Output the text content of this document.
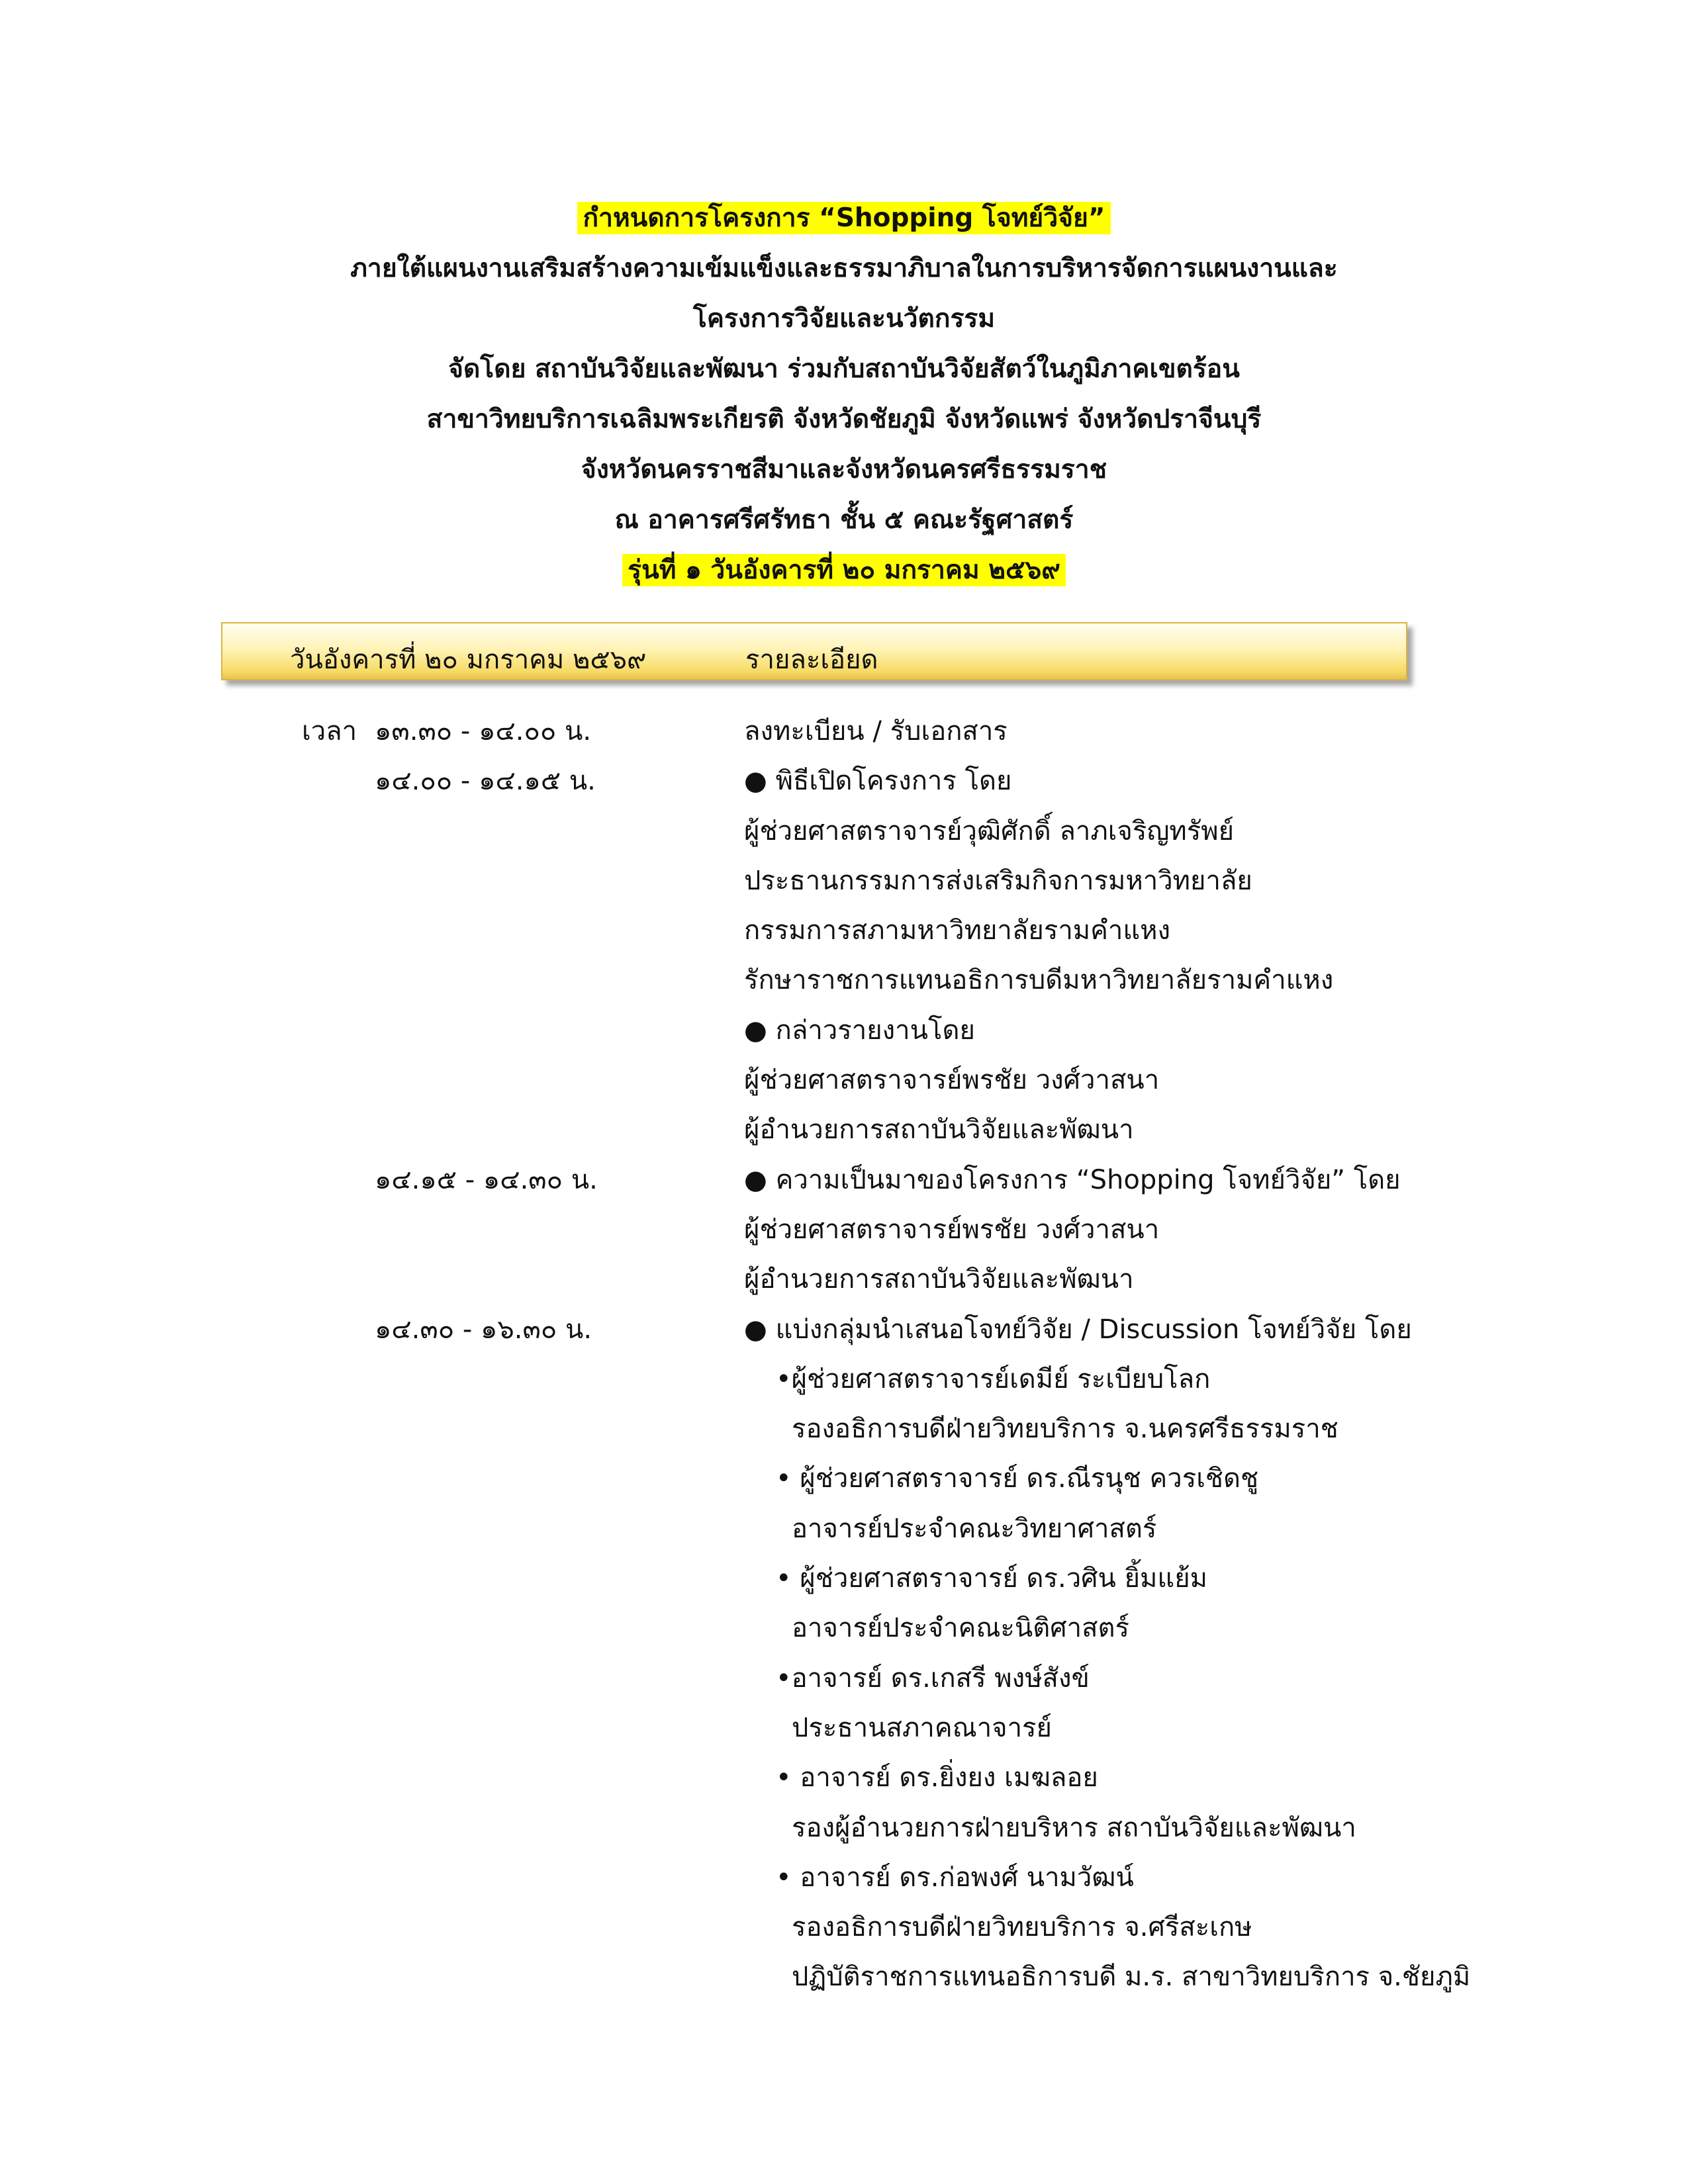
กำหนดการโครงการ “Shopping โจทย์วิจัย”
ภายใต้แผนงานเสริมสร้างความเข้มแข็งและธรรมาภิบาลในการบริหารจัดการแผนงานและ
โครงการวิจัยและนวัตกรรม
จัดโดย สถาบันวิจัยและพัฒนา ร่วมกับสถาบันวิจัยสัตว์ในภูมิภาคเขตร้อน
สาขาวิทยบริการเฉลิมพระเกียรติ จังหวัดชัยภูมิ จังหวัดแพร่ จังหวัดปราจีนบุรี
จังหวัดนครราชสีมาและจังหวัดนครศรีธรรมราช
ณ อาคารศรีศรัทธา ชั้น ๕ คณะรัฐศาสตร์
รุ่นที่ ๑ วันอังคารที่ ๒๐ มกราคม ๒๕๖๙
วันอังคารที่ ๒๐ มกราคม ๒๕๖๙	รายละเอียด
เวลา ๑๓.๓๐ - ๑๔.๐๐ น.	ลงทะเบียน / รับเอกสาร
๑๔.๐๐ - ๑๔.๑๕ น.	● พิธีเปิดโครงการ โดย
ผู้ช่วยศาสตราจารย์วุฒิศักดิ์ ลาภเจริญทรัพย์
ประธานกรรมการส่งเสริมกิจการมหาวิทยาลัย
กรรมการสภามหาวิทยาลัยรามคำแหง
รักษาราชการแทนอธิการบดีมหาวิทยาลัยรามคำแหง
● กล่าวรายงานโดย
ผู้ช่วยศาสตราจารย์พรชัย วงศ์วาสนา
ผู้อำนวยการสถาบันวิจัยและพัฒนา
๑๔.๑๕ - ๑๔.๓๐ น.	● ความเป็นมาของโครงการ “Shopping โจทย์วิจัย” โดย
ผู้ช่วยศาสตราจารย์พรชัย วงศ์วาสนา
ผู้อำนวยการสถาบันวิจัยและพัฒนา
๑๔.๓๐ - ๑๖.๓๐ น.	● แบ่งกลุ่มนำเสนอโจทย์วิจัย / Discussion โจทย์วิจัย โดย
•ผู้ช่วยศาสตราจารย์เดมีย์ ระเบียบโลก
รองอธิการบดีฝ่ายวิทยบริการ จ.นครศรีธรรมราช
• ผู้ช่วยศาสตราจารย์ ดร.ณีรนุช ควรเชิดชู
อาจารย์ประจำคณะวิทยาศาสตร์
• ผู้ช่วยศาสตราจารย์ ดร.วศิน ยิ้มแย้ม
อาจารย์ประจำคณะนิติศาสตร์
•อาจารย์ ดร.เกสรี พงษ์สังข์
ประธานสภาคณาจารย์
• อาจารย์ ดร.ยิ่งยง เมฆลอย
รองผู้อำนวยการฝ่ายบริหาร สถาบันวิจัยและพัฒนา
• อาจารย์ ดร.ก่อพงศ์ นามวัฒน์
รองอธิการบดีฝ่ายวิทยบริการ จ.ศรีสะเกษ
ปฏิบัติราชการแทนอธิการบดี ม.ร. สาขาวิทยบริการ จ.ชัยภูมิ
